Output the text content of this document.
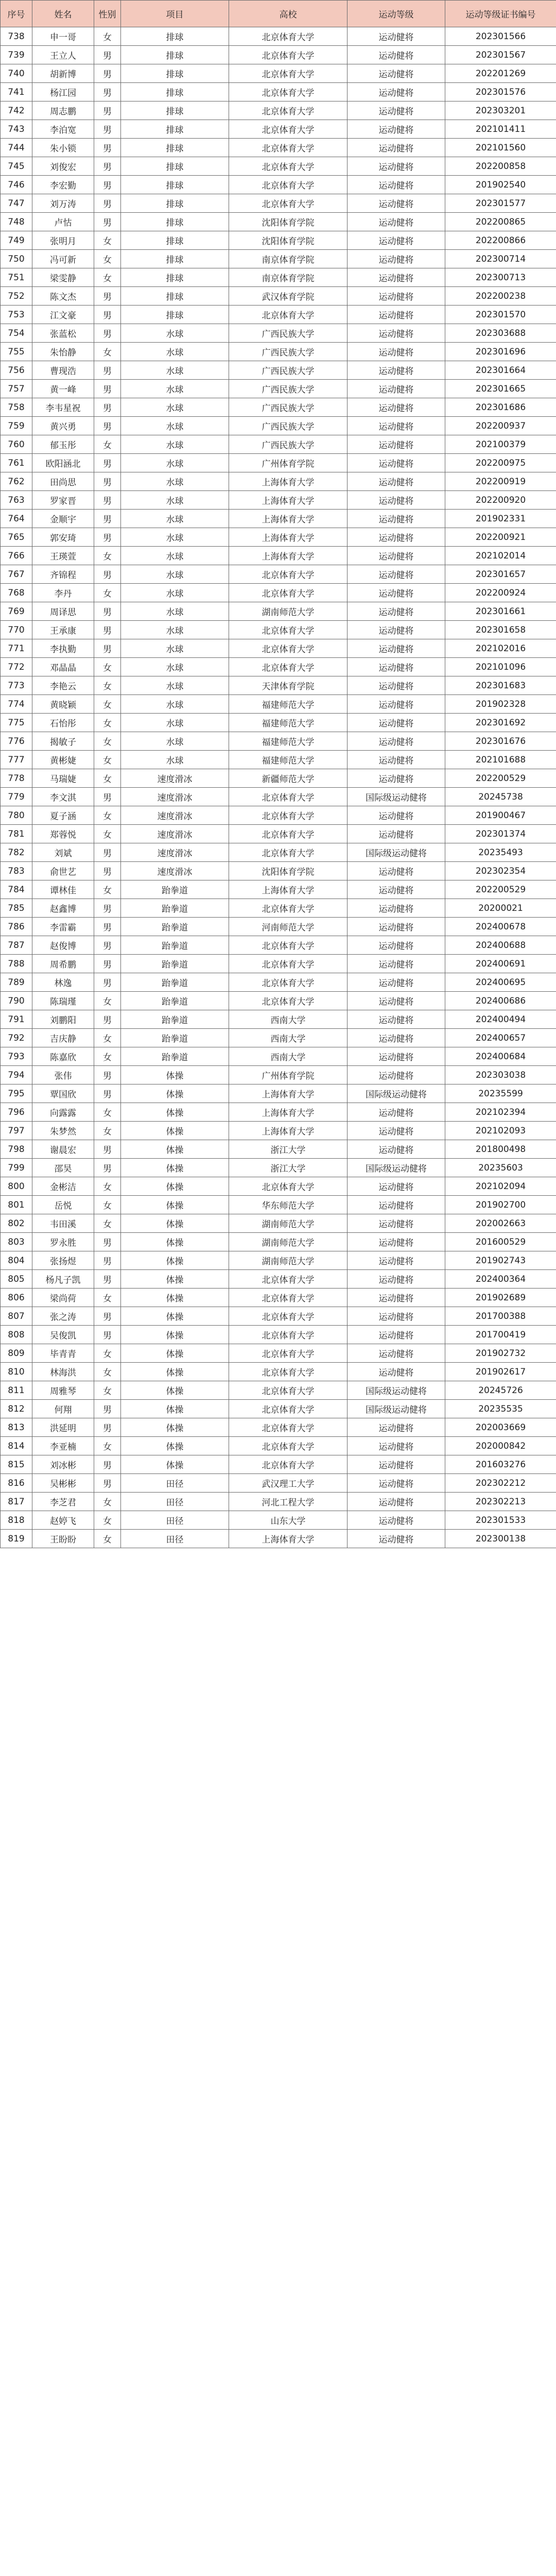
序号	姓名	性别	项目	高校	运动等级	运动等级证书编号
738	申一哥	女	排球	北京体育大学	运动健将	202301566
739	王立人	男	排球	北京体育大学	运动健将	202301567
740	胡新博	男	排球	北京体育大学	运动健将	202201269
741	杨江园	男	排球	北京体育大学	运动健将	202301576
742	周志鹏	男	排球	北京体育大学	运动健将	202303201
743	李泊宽	男	排球	北京体育大学	运动健将	202101411
744	朱小锁	男	排球	北京体育大学	运动健将	202101560
745	刘俊宏	男	排球	北京体育大学	运动健将	202200858
746	李宏勤	男	排球	北京体育大学	运动健将	201902540
747	刘万涛	男	排球	北京体育大学	运动健将	202301577
748	卢怙	男	排球	沈阳体育学院	运动健将	202200865
749	张明月	女	排球	沈阳体育学院	运动健将	202200866
750	冯可新	女	排球	南京体育学院	运动健将	202300714
751	梁雯静	女	排球	南京体育学院	运动健将	202300713
752	陈文杰	男	排球	武汉体育学院	运动健将	202200238
753	江文豪	男	排球	北京体育大学	运动健将	202301570
754	张蓝松	男	水球	广西民族大学	运动健将	202303688
755	朱怡静	女	水球	广西民族大学	运动健将	202301696
756	曹现浩	男	水球	广西民族大学	运动健将	202301664
757	黄一峰	男	水球	广西民族大学	运动健将	202301665
758	李韦星祝	男	水球	广西民族大学	运动健将	202301686
759	黄兴勇	男	水球	广西民族大学	运动健将	202200937
760	郁玉彤	女	水球	广西民族大学	运动健将	202100379
761	欧阳涵北	男	水球	广州体育学院	运动健将	202200975
762	田尚思	男	水球	上海体育大学	运动健将	202200919
763	罗家晋	男	水球	上海体育大学	运动健将	202200920
764	金顺宇	男	水球	上海体育大学	运动健将	201902331
765	郭安琦	男	水球	上海体育大学	运动健将	202200921
766	王瑛萱	女	水球	上海体育大学	运动健将	202102014
767	齐锦程	男	水球	北京体育大学	运动健将	202301657
768	李丹	女	水球	北京体育大学	运动健将	202200924
769	周译思	男	水球	湖南师范大学	运动健将	202301661
770	王承康	男	水球	北京体育大学	运动健将	202301658
771	李执勤	男	水球	北京体育大学	运动健将	202102016
772	邓晶晶	女	水球	北京体育大学	运动健将	202101096
773	李艳云	女	水球	天津体育学院	运动健将	202301683
774	黄晓颖	女	水球	福建师范大学	运动健将	201902328
775	石怡彤	女	水球	福建师范大学	运动健将	202301692
776	揭敏子	女	水球	福建师范大学	运动健将	202301676
777	黄彬婕	女	水球	福建师范大学	运动健将	202101688
778	马瑞婕	女	速度滑冰	新疆师范大学	运动健将	202200529
779	李文淇	男	速度滑冰	北京体育大学	国际级运动健将	20245738
780	夏子涵	女	速度滑冰	北京体育大学	运动健将	201900467
781	郑蓉悦	女	速度滑冰	北京体育大学	运动健将	202301374
782	刘斌	男	速度滑冰	北京体育大学	国际级运动健将	20235493
783	俞世艺	男	速度滑冰	沈阳体育学院	运动健将	202302354
784	谭林佳	女	跆拳道	上海体育大学	运动健将	202200529
785	赵鑫博	男	跆拳道	北京体育大学	运动健将	20200021
786	李雷霸	男	跆拳道	河南师范大学	运动健将	202400678
787	赵俊博	男	跆拳道	北京体育大学	运动健将	202400688
788	周希鹏	男	跆拳道	北京体育大学	运动健将	202400691
789	林逸	男	跆拳道	北京体育大学	运动健将	202400695
790	陈瑞瑾	女	跆拳道	北京体育大学	运动健将	202400686
791	刘鹏阳	男	跆拳道	西南大学	运动健将	202400494
792	吉庆静	女	跆拳道	西南大学	运动健将	202400657
793	陈嘉欣	女	跆拳道	西南大学	运动健将	202400684
794	张伟	男	体操	广州体育学院	运动健将	202303038
795	覃国欣	男	体操	上海体育大学	国际级运动健将	20235599
796	向露露	女	体操	上海体育大学	运动健将	202102394
797	朱梦然	女	体操	上海体育大学	运动健将	202102093
798	谢晨宏	男	体操	浙江大学	运动健将	201800498
799	邵昊	男	体操	浙江大学	国际级运动健将	20235603
800	金彬洁	女	体操	北京体育大学	运动健将	202102094
801	岳悦	女	体操	华东师范大学	运动健将	201902700
802	韦田溪	女	体操	湖南师范大学	运动健将	202002663
803	罗永胜	男	体操	湖南师范大学	运动健将	201600529
804	张扬煜	男	体操	湖南师范大学	运动健将	201902743
805	杨凡子凯	男	体操	北京体育大学	运动健将	202400364
806	梁尚荷	女	体操	北京体育大学	运动健将	201902689
807	张之涛	男	体操	北京体育大学	运动健将	201700388
808	吴俊凯	男	体操	北京体育大学	运动健将	201700419
809	毕青青	女	体操	北京体育大学	运动健将	201902732
810	林海洪	女	体操	北京体育大学	运动健将	201902617
811	周雅琴	女	体操	北京体育大学	国际级运动健将	20245726
812	何翔	男	体操	北京体育大学	国际级运动健将	20235535
813	洪延明	男	体操	北京体育大学	运动健将	202003669
814	李亚楠	女	体操	北京体育大学	运动健将	202000842
815	刘冰彬	男	体操	北京体育大学	运动健将	201603276
816	吴彬彬	男	田径	武汉理工大学	运动健将	202302212
817	李芝君	女	田径	河北工程大学	运动健将	202302213
818	赵婷飞	女	田径	山东大学	运动健将	202301533
819	王盼盼	女	田径	上海体育大学	运动健将	202300138
